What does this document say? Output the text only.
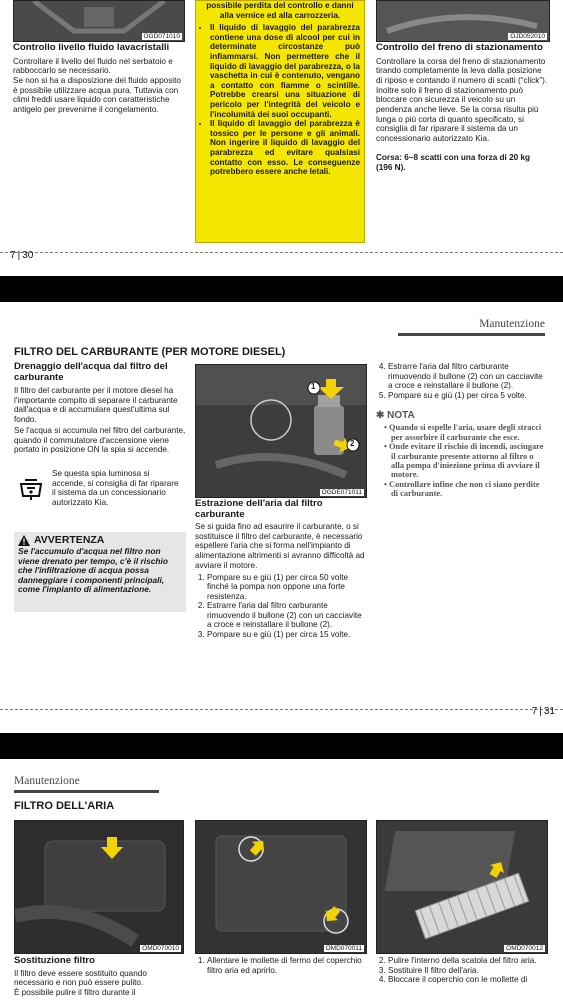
OGD071010
Controllo livello fluido lavacristalli

Controllare il livello del fluido nel serbatoio e rabboccarlo se necessario.

Se non si ha a disposizione del fluido apposito è possibile utilizzare acqua pura. Tuttavia con climi freddi usare liquido con caratteristiche antigelo per prevenirne il congelamento.

possibile perdita del controllo e danni alla vernice ed alla carrozzeria.

• Il liquido di lavaggio del parabrezza contiene una dose di alcool per cui in determinate circostanze può infiammarsi. Non permettere che il liquido di lavaggio del parabrezza, o la vaschetta in cui è contenuto, vengano a contatto con fiamme o scintille. Potrebbe crearsi una situazione di pericolo per l'integrità del veicolo e l'incolumità dei suoi occupanti.
• Il liquido di lavaggio del parabrezza è tossico per le persone e gli animali. Non ingerire il liquido di lavaggio del parabrezza ed evitare qualsiasi contatto con esso. Le conseguenze potrebbero essere anche letali.
OJD052010
Controllo del freno di stazionamento

Controllare la corsa del freno di stazionamento tirando completamente la leva dalla posizione di riposo e contando il numero di scatti (“click”). Inoltre solo il freno di stazionamento può bloccare con sicurezza il veicolo su un pendenza anche lieve. Se la corsa risulta più lunga o più corta di quanto specificato, si consiglia di far riparare il sistema da un concessionario autorizzato Kia.

Corsa: 6~8 scatti con una forza di 20 kg (196 N).

7 | 30
Manutenzione
FILTRO DEL CARBURANTE (PER MOTORE DIESEL)
Drenaggio dell'acqua dal filtro del carburante

Il filtro del carburante per il motore diesel ha l'importante compito di separare il carburante dall'acqua e di accumulare quest'ultima sul fondo.

Se l'acqua si accumula nel filtro del carburante, quando il commutatore d'accensione viene portato in posizione ON la spia si accende.

Se questa spia luminosa si accende, si consiglia di far riparare il sistema da un concessionario autorizzato Kia.

AVVERTENZA

Se l'accumulo d'acqua nel filtro non viene drenato per tempo, c'è il rischio che l'infiltrazione di acqua possa danneggiare i componenti principali, come l'impianto di alimentazione.

1
2
OGDE071011
Estrazione dell'aria dal filtro carburante

Se si guida fino ad esaurire il carburante, o si sostituisce il filtro del carburante, è necessario espellere l'aria che si forma nell'impianto di alimentazione altrimenti si avranno difficoltà ad avviare il motore.

1. Pompare su e giù (1) per circa 50 volte finché la pompa non oppone una forte resistenza.
2. Estrarre l'aria dal filtro carburante rimuovendo il bullone (2) con un cacciavite a croce e reinstallare il bullone (2).
3. Pompare su e giù (1) per circa 15 volte.
4. Estrarre l'aria dal filtro carburante rimuovendo il bullone (2) con un cacciavite a croce e reinstallare il bullone (2).
5. Pompare su e giù (1) per circa 5 volte.
✱ NOTA
• Quando si espelle l'aria, usare degli stracci per assorbire il carburante che esce.
• Onde evitare il rischio di incendi, asciugare il carburante presente attorno al filtro o alla pompa d'iniezione prima di avviare il motore.
• Controllare infine che non ci siano perdite di carburante.
7 | 31
Manutenzione
FILTRO DELL'ARIA
OMD070010	OMD070011	OMD070012
Sostituzione filtro

Il filtro deve essere sostituito quando necessario e non può essere pulito.

È possibile pulire il filtro durante il

1. Allentare le mollette di fermo del coperchio filtro aria ed aprirlo.
2. Pulire l'interno della scatola del filtro aria.
3. Sostituire Il filtro dell'aria.
4. Bloccare il coperchio con le mollette di
